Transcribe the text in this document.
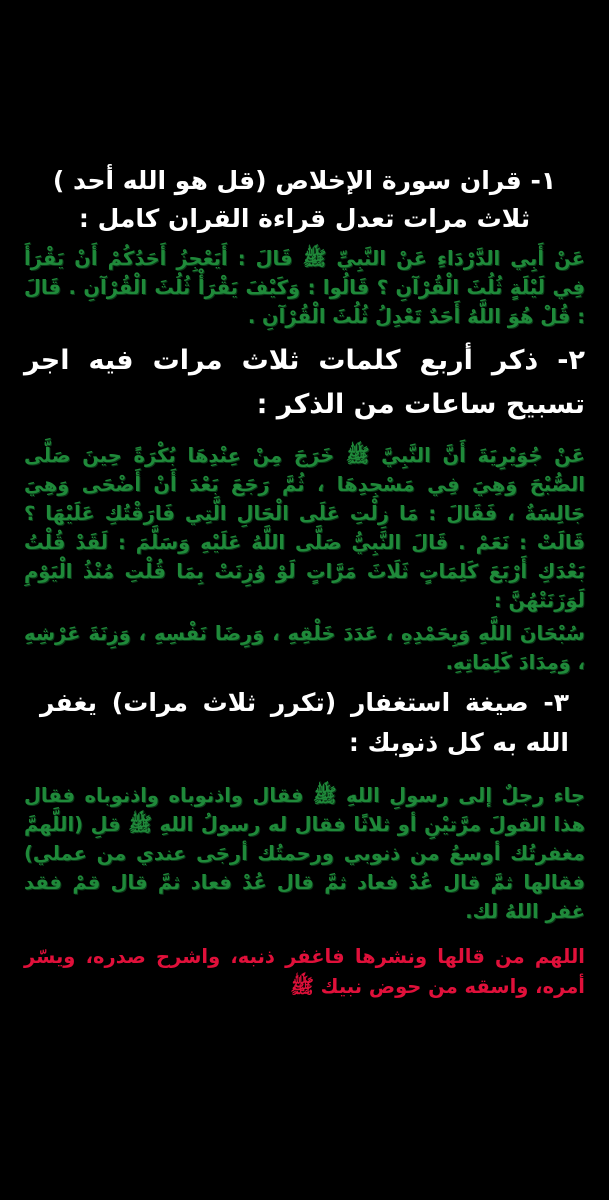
١- قران سورة الإخلاص (قل هو الله أحد ) ثلاث مرات تعدل قراءة القران كامل :

عَنْ أَبِي الدَّرْدَاءِ عَنْ النَّبِيِّ ﷺ قَالَ : أَيَعْجِزُ أَحَدُكُمْ أَنْ يَقْرَأَ فِي لَيْلَةٍ ثُلُثَ الْقُرْآنِ ؟ قَالُوا : وَكَيْفَ يَقْرَأْ ثُلُثَ الْقُرْآنِ . قَالَ : قُلْ هُوَ اللَّهُ أَحَدٌ تَعْدِلُ ثُلُثَ الْقُرْآنِ .

٢- ذكر أربع كلمات ثلاث مرات فيه اجر تسبيح ساعات من الذكر :

عَنْ جُوَيْرِيَةَ أَنَّ النَّبِيَّ ﷺ خَرَجَ مِنْ عِنْدِهَا بُكْرَةً حِينَ صَلَّى الصُّبْحَ وَهِيَ فِي مَسْجِدِهَا ، ثُمَّ رَجَعَ بَعْدَ أَنْ أَضْحَى وَهِيَ جَالِسَةٌ ، فَقَالَ : مَا زِلْتِ عَلَى الْحَالِ الَّتِي فَارَقْتُكِ عَلَيْهَا ؟ قَالَتْ : نَعَمْ . قَالَ النَّبِيُّ صَلَّى اللَّهُ عَلَيْهِ وَسَلَّمَ : لَقَدْ قُلْتُ بَعْدَكِ أَرْبَعَ كَلِمَاتٍ ثَلَاثَ مَرَّاتٍ لَوْ وُزِنَتْ بِمَا قُلْتِ مُنْذُ الْيَوْمِ لَوَزَنَتْهُنَّ :

سُبْحَانَ اللَّهِ وَبِحَمْدِهِ ، عَدَدَ خَلْقِهِ ، وَرِضَا نَفْسِهِ ، وَزِنَةَ عَرْشِهِ ، وَمِدَادَ كَلِمَاتِهِ.

٣- صيغة استغفار (تكرر ثلاث مرات) يغفر الله به كل ذنوبك :

جاء رجلٌ إلى رسولِ اللهِ ﷺ فقال واذنوباه واذنوباه فقال هذا القولَ مرَّتيْنِ أو ثلاثًا فقال له رسولُ اللهِ ﷺ قلِ (اللَّهمَّ مغفرتُك أوسعُ من ذنوبي ورحمتُك أرجَى عندي من عملي) فقالها ثمَّ قال عُدْ فعاد ثمَّ قال عُدْ فعاد ثمَّ قال قمْ فقد غفر اللهُ لك.

اللهم من قالها ونشرها فاغفر ذنبه، واشرح صدره، ويسّر أمره، واسقه من حوض نبيك ﷺ
